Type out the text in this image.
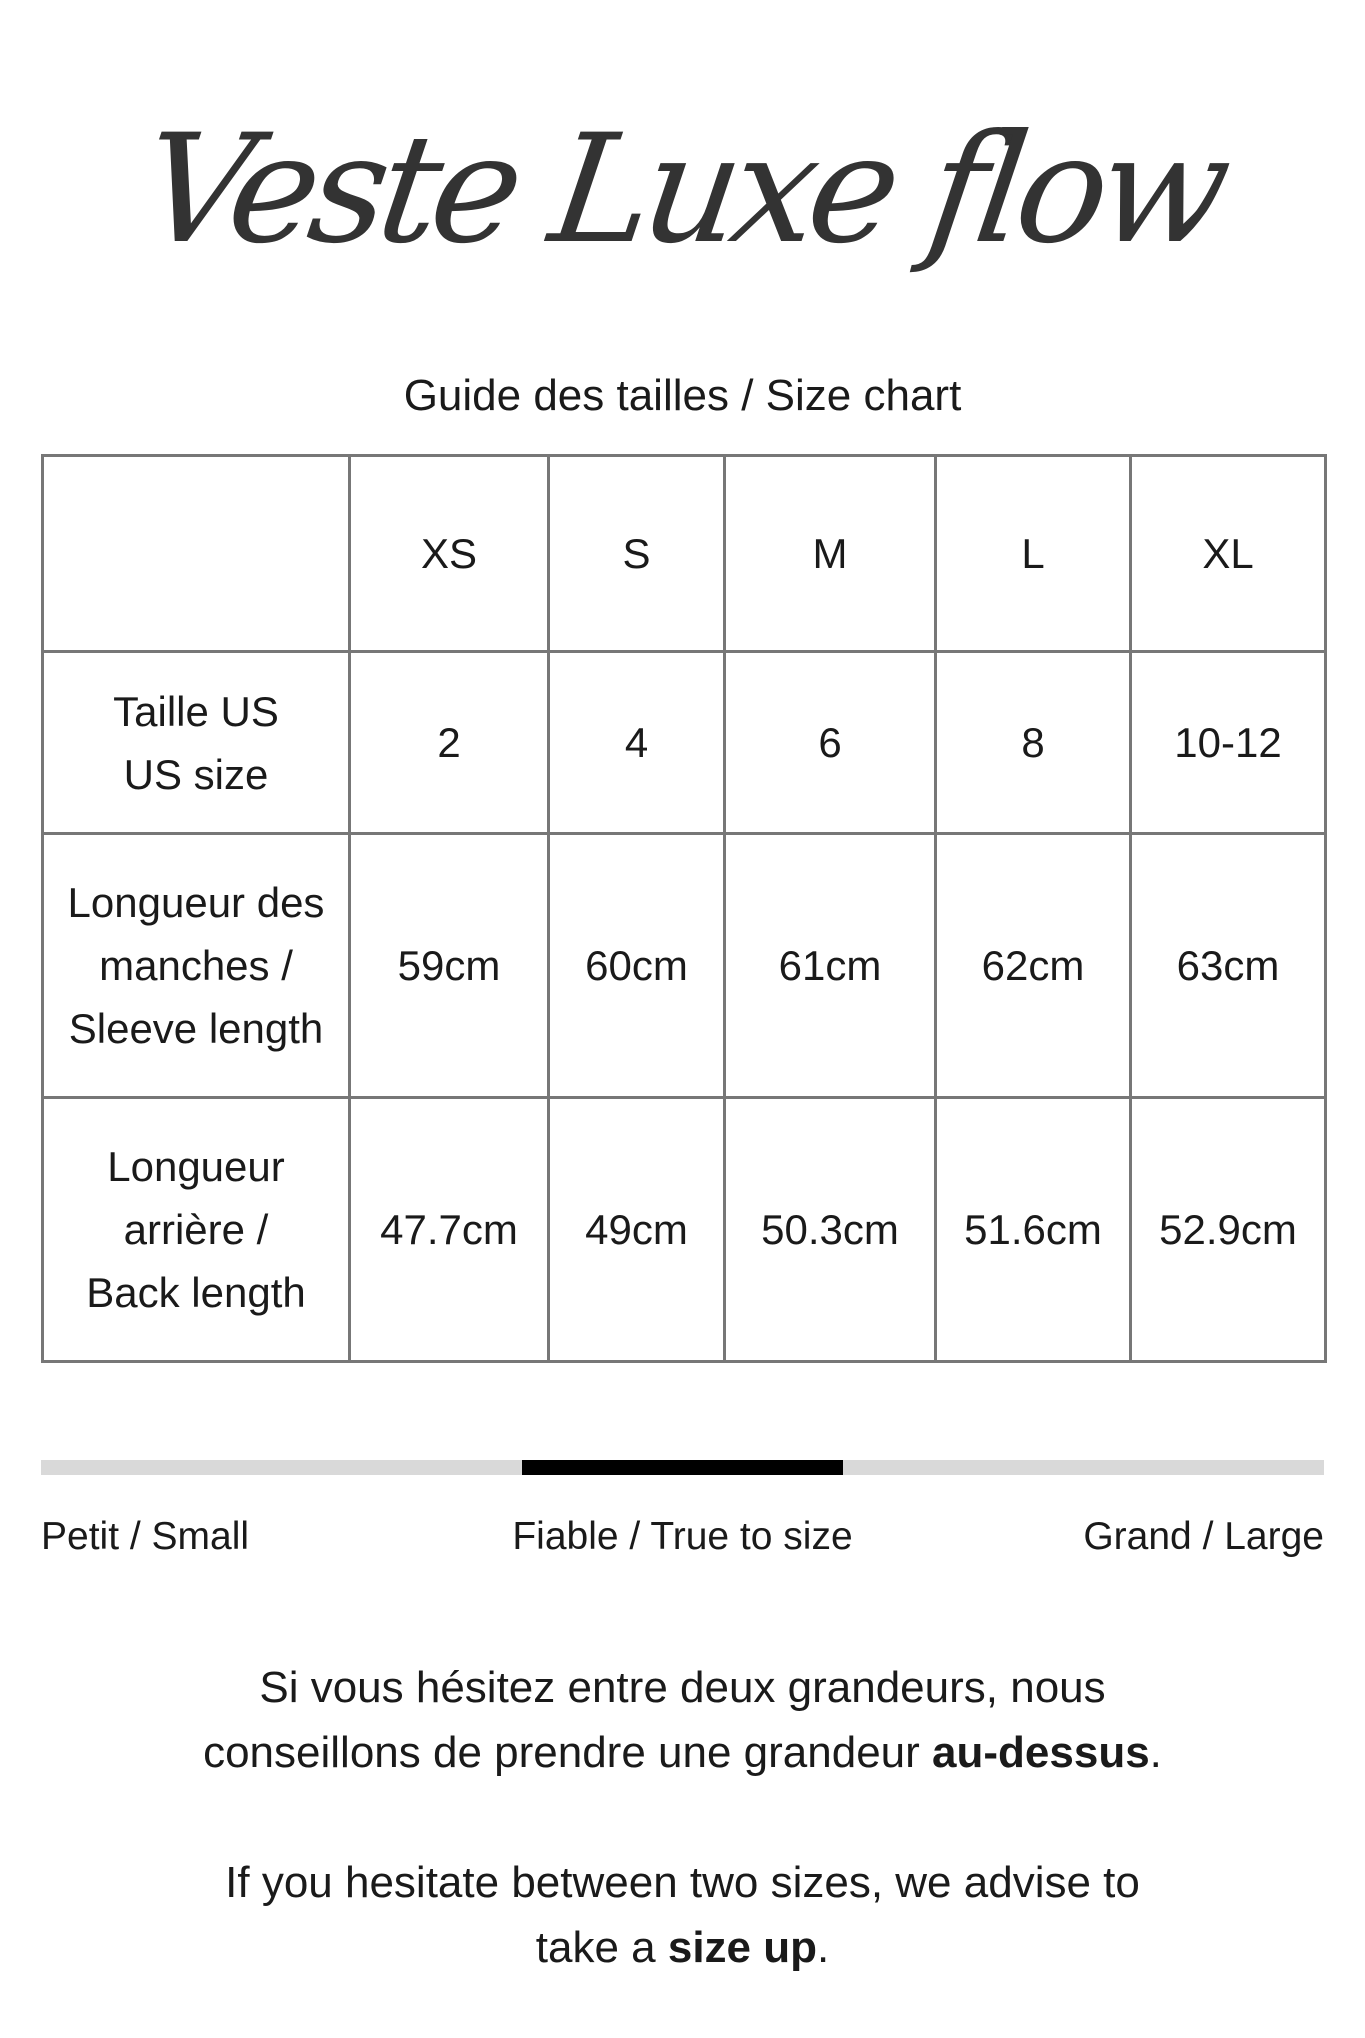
Veste Luxe flow
Guide des tailles / Size chart
	XS	S	M	L	XL

Taille US
US size	2	4	6	8	10-12

Longueur des
manches /
Sleeve length	59cm	60cm	61cm	62cm	63cm

Longueur
arrière /
Back length	47.7cm	49cm	50.3cm	51.6cm	52.9cm
Petit / Small	Fiable / True to size	Grand / Large
Si vous hésitez entre deux grandeurs, nous
conseillons de prendre une grandeur au-dessus.
If you hesitate between two sizes, we advise to
take a size up.
